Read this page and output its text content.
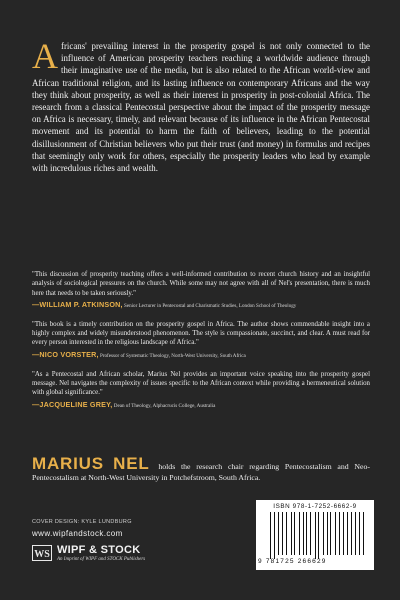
Africans' prevailing interest in the prosperity gospel is not only connected to the influence of American prosperity teachers reaching a worldwide audience through their imaginative use of the media, but is also related to the African world-view and African traditional religion, and its lasting influence on contemporary Africans and the way they think about prosperity, as well as their interest in prosperity in post-colonial Africa. The research from a classical Pentecostal perspective about the impact of the prosperity message on Africa is necessary, timely, and relevant because of its influence in the African Pentecostal movement and its potential to harm the faith of believers, leading to the potential disillusionment of Christian believers who put their trust (and money) in formulas and recipes that seemingly only work for others, especially the prosperity leaders who lead by example with incredulous riches and wealth.
"This discussion of prosperity teaching offers a well-informed contribution to recent church history and an insightful analysis of sociological pressures on the church. While some may not agree with all of Nel's presentation, there is much here that needs to be taken seriously."
—WILLIAM P. ATKINSON, Senior Lecturer in Pentecostal and Charismatic Studies, London School of Theology
"This book is a timely contribution on the prosperity gospel in Africa. The author shows commendable insight into a highly complex and widely misunderstood phenomenon. The style is compassionate, succinct, and clear. A must read for every person interested in the religious landscape of Africa."
—NICO VORSTER, Professor of Systematic Theology, North-West University, South Africa
"As a Pentecostal and African scholar, Marius Nel provides an important voice speaking into the prosperity gospel message. Nel navigates the complexity of issues specific to the African context while providing a hermeneutical solution with global significance."
—JACQUELINE GREY, Dean of Theology, Alphacrucis College, Australia
MARIUS NEL holds the research chair regarding Pentecostalism and Neo-Pentecostalism at North-West University in Potchefstroom, South Africa.
COVER DESIGN: KYLE LUNDBURG
www.wipfandstock.com
WS WIPF & STOCK
An Imprint of WIPF and STOCK Publishers
ISBN 978-1-7252-6662-9
9 781725 266629
